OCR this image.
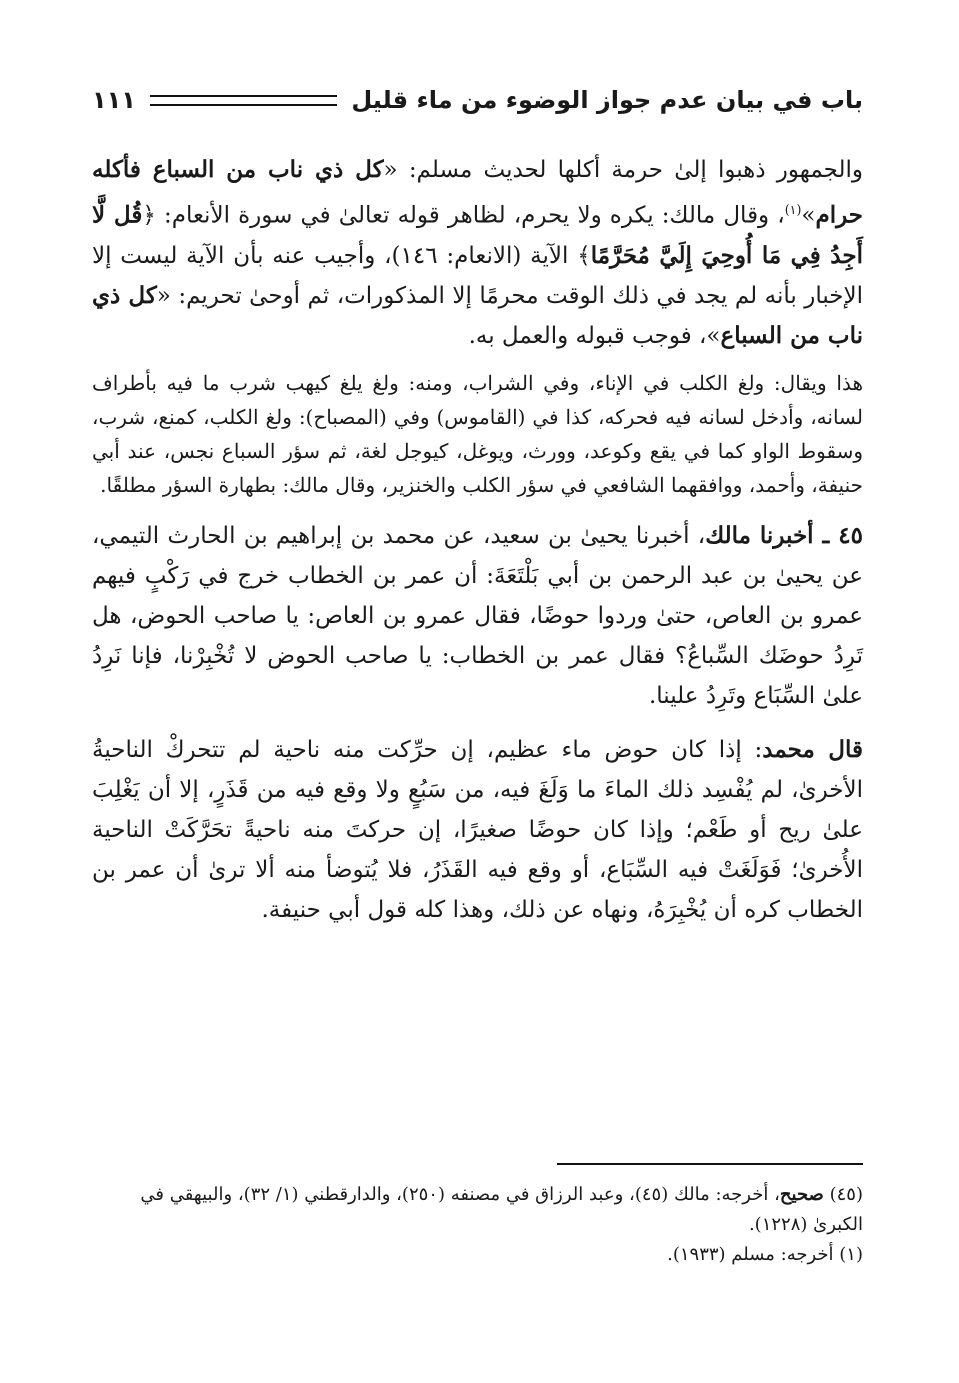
باب في بيان عدم جواز الوضوء من ماء قليل
١١١

والجمهور ذهبوا إلىٰ حرمة أكلها لحديث مسلم: «كل ذي ناب من السباع فأكله حرام»$^{(١)}$، وقال مالك: يكره ولا يحرم، لظاهر قوله تعالىٰ في سورة الأنعام: ﴿قُل لَّا أَجِدُ فِي مَا أُوحِيَ إِلَيَّ مُحَرَّمًا﴾ الآية (الانعام: ١٤٦)، وأجيب عنه بأن الآية ليست إلا الإخبار بأنه لم يجد في ذلك الوقت محرمًا إلا المذكورات، ثم أوحىٰ تحريم: «كل ذي ناب من السباع»، فوجب قبوله والعمل به.

هذا ويقال: ولغ الكلب في الإناء، وفي الشراب، ومنه: ولغ يلغ كيهب شرب ما فيه بأطراف لسانه، وأدخل لسانه فيه فحركه، كذا في (القاموس) وفي (المصباح): ولغ الكلب، كمنع، شرب، وسقوط الواو كما في يقع وكوعد، وورث، ويوغل، كيوجل لغة، ثم سؤر السباع نجس، عند أبي حنيفة، وأحمد، ووافقهما الشافعي في سؤر الكلب والخنزير، وقال مالك: بطهارة السؤر مطلقًا.

٤٥ ـ أخبرنا مالك، أخبرنا يحيىٰ بن سعيد، عن محمد بن إبراهيم بن الحارث التيمي، عن يحيىٰ بن عبد الرحمن بن أبي بَلْتَعَةَ: أن عمر بن الخطاب خرج في رَكْبٍ فيهم عمرو بن العاص، حتىٰ وردوا حوضًا، فقال عمرو بن العاص: يا صاحب الحوض، هل تَرِدُ حوضَك السِّباعُ؟ فقال عمر بن الخطاب: يا صاحب الحوض لا تُخْبِرْنا، فإنا نَرِدُ علىٰ السِّبَاع وتَرِدُ علينا.

قال محمد: إذا كان حوض ماء عظيم، إن حرِّكت منه ناحية لم تتحركْ الناحيةُ الأخرىٰ، لم يُفْسِد ذلك الماءَ ما وَلَغَ فيه، من سَبُعٍ ولا وقع فيه من قَذَرٍ، إلا أن يَغْلِبَ علىٰ ريح أو طَعْم؛ وإذا كان حوضًا صغيرًا، إن حركتَ منه ناحيةً تحَرَّكَتْ الناحية الأُخرىٰ؛ فَوَلَغَتْ فيه السِّبَاع، أو وقع فيه القَذَرُ، فلا يُتوضأ منه ألا ترىٰ أن عمر بن الخطاب كره أن يُخْبِرَهُ، ونهاه عن ذلك، وهذا كله قول أبي حنيفة.

(٤٥) صحيح، أخرجه: مالك (٤٥)، وعبد الرزاق في مصنفه (٢٥٠)، والدارقطني (١/ ٣٢)، والبيهقي في الكبرىٰ (١٢٢٨).

(١) أخرجه: مسلم (١٩٣٣).
